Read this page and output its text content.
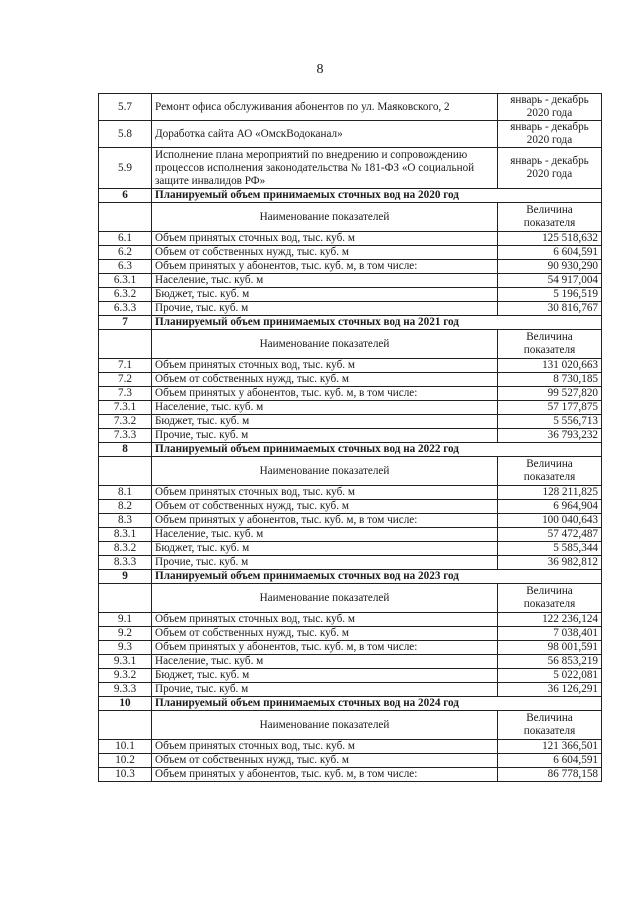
8
5.7	Ремонт офиса обслуживания абонентов по ул. Маяковского, 2	январь - декабрь 2020 года
5.8	Доработка сайта АО «ОмскВодоканал»	январь - декабрь 2020 года
5.9	Исполнение плана мероприятий по внедрению и сопровождению процессов исполнения законодательства № 181-ФЗ «О социальной защите инвалидов РФ»	январь - декабрь 2020 года
6	Планируемый объем принимаемых сточных вод на 2020 год	
	Наименование показателей	Величина показателя
6.1	Объем принятых сточных вод, тыс. куб. м	125 518,632
6.2	Объем от собственных нужд, тыс. куб. м	6 604,591
6.3	Объем принятых у абонентов, тыс. куб. м, в том числе:	90 930,290
6.3.1	Население, тыс. куб. м	54 917,004
6.3.2	Бюджет, тыс. куб. м	5 196,519
6.3.3	Прочие, тыс. куб. м	30 816,767
7	Планируемый объем принимаемых сточных вод на 2021 год	
	Наименование показателей	Величина показателя
7.1	Объем принятых сточных вод, тыс. куб. м	131 020,663
7.2	Объем от собственных нужд, тыс. куб. м	8 730,185
7.3	Объем принятых у абонентов, тыс. куб. м, в том числе:	99 527,820
7.3.1	Население, тыс. куб. м	57 177,875
7.3.2	Бюджет, тыс. куб. м	5 556,713
7.3.3	Прочие, тыс. куб. м	36 793,232
8	Планируемый объем принимаемых сточных вод на 2022 год	
	Наименование показателей	Величина показателя
8.1	Объем принятых сточных вод, тыс. куб. м	128 211,825
8.2	Объем от собственных нужд, тыс. куб. м	6 964,904
8.3	Объем принятых у абонентов, тыс. куб. м, в том числе:	100 040,643
8.3.1	Население, тыс. куб. м	57 472,487
8.3.2	Бюджет, тыс. куб. м	5 585,344
8.3.3	Прочие, тыс. куб. м	36 982,812
9	Планируемый объем принимаемых сточных вод на 2023 год	
	Наименование показателей	Величина показателя
9.1	Объем принятых сточных вод, тыс. куб. м	122 236,124
9.2	Объем от собственных нужд, тыс. куб. м	7 038,401
9.3	Объем принятых у абонентов, тыс. куб. м, в том числе:	98 001,591
9.3.1	Население, тыс. куб. м	56 853,219
9.3.2	Бюджет, тыс. куб. м	5 022,081
9.3.3	Прочие, тыс. куб. м	36 126,291
10	Планируемый объем принимаемых сточных вод на 2024 год	
	Наименование показателей	Величина показателя
10.1	Объем принятых сточных вод, тыс. куб. м	121 366,501
10.2	Объем от собственных нужд, тыс. куб. м	6 604,591
10.3	Объем принятых у абонентов, тыс. куб. м, в том числе:	86 778,158
